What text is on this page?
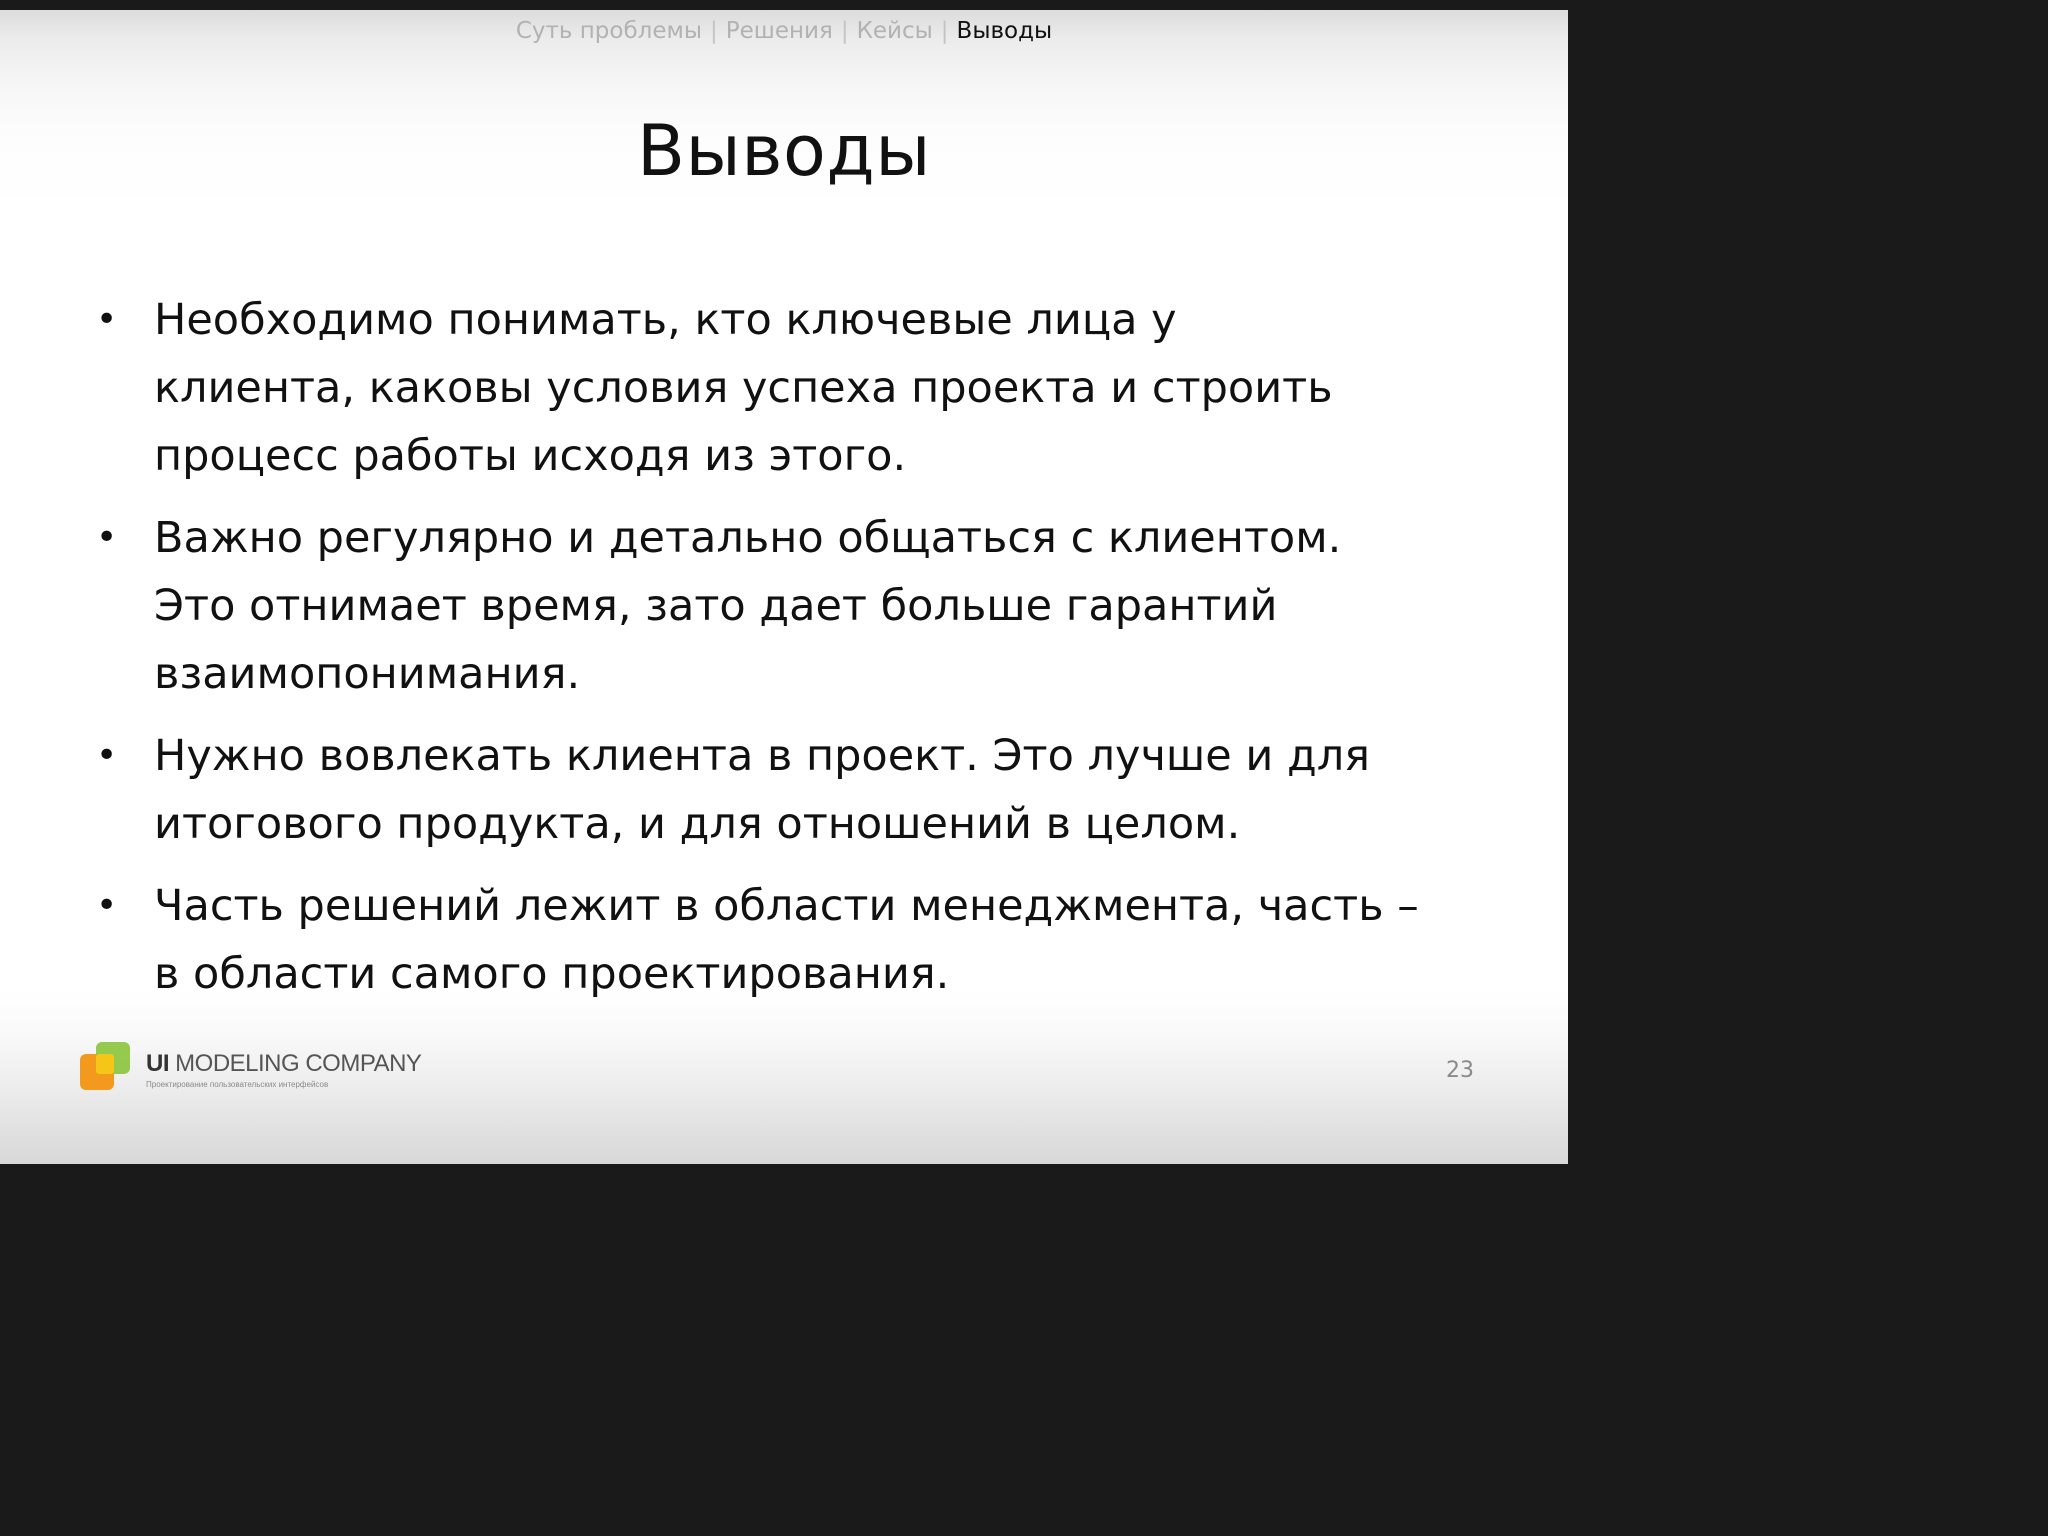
Суть проблемы | Решения | Кейсы | Выводы
Выводы
• Необходимо понимать, кто ключевые лица у
клиента, каковы условия успеха проекта и строить
процесс работы исходя из этого.
• Важно регулярно и детально общаться с клиентом.
Это отнимает время, зато дает больше гарантий
взаимопонимания.
• Нужно вовлекать клиента в проект. Это лучше и для
итогового продукта, и для отношений в целом.
• Часть решений лежит в области менеджмента, часть –
в области самого проектирования.
UI MODELING COMPANY
Проектирование пользовательских интерфейсов
23
